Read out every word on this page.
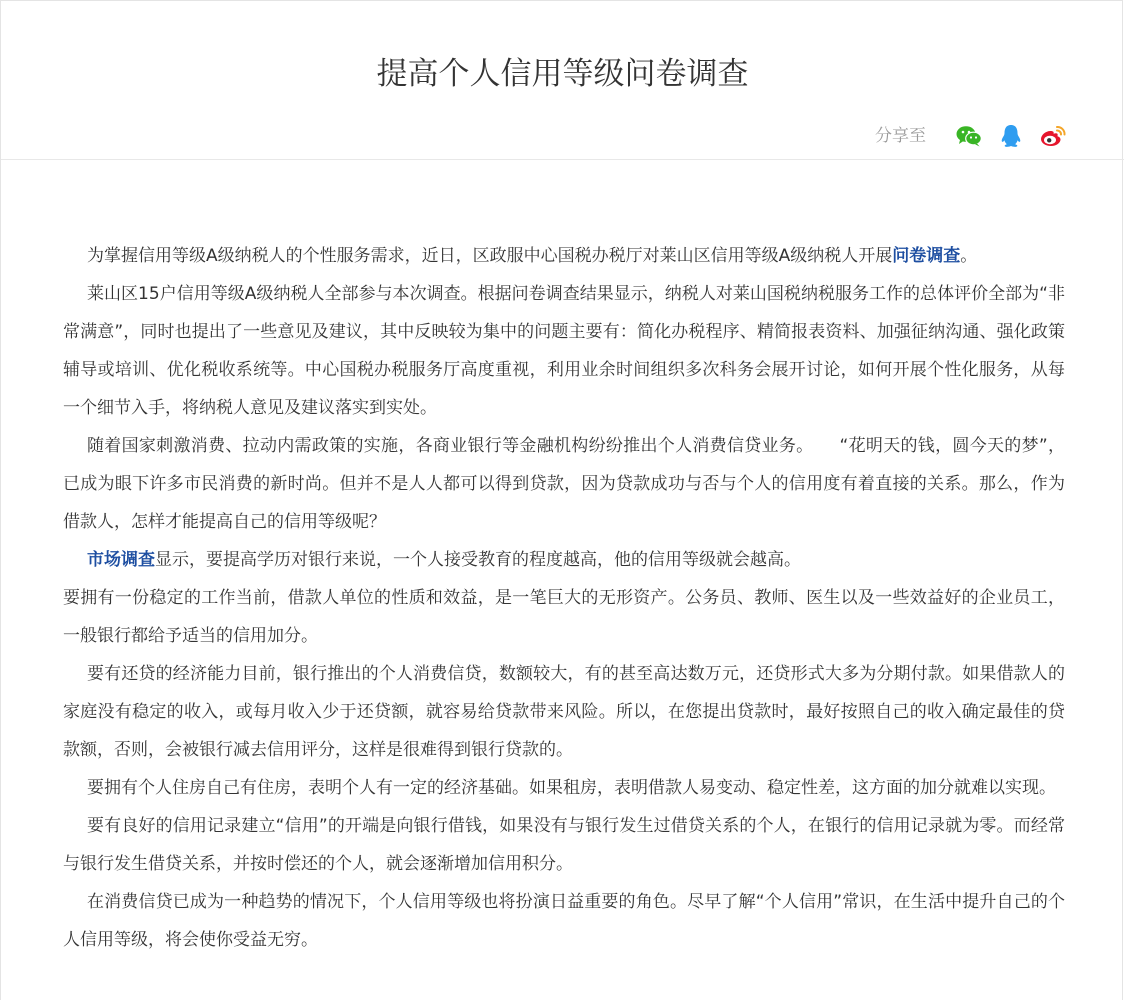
提高个人信用等级问卷调查
分享至

为掌握信用等级A级纳税人的个性服务需求，近日，区政服中心国税办税厅对莱山区信用等级A级纳税人开展问卷调查。

莱山区15户信用等级A级纳税人全部参与本次调查。根据问卷调查结果显示，纳税人对莱山国税纳税服务工作的总体评价全部为“非常满意”，同时也提出了一些意见及建议，其中反映较为集中的问题主要有：简化办税程序、精简报表资料、加强征纳沟通、强化政策辅导或培训、优化税收系统等。中心国税办税服务厅高度重视，利用业余时间组织多次科务会展开讨论，如何开展个性化服务，从每一个细节入手，将纳税人意见及建议落实到实处。

随着国家刺激消费、拉动内需政策的实施，各商业银行等金融机构纷纷推出个人消费信贷业务。　　“花明天的钱，圆今天的梦”，已成为眼下许多市民消费的新时尚。但并不是人人都可以得到贷款，因为贷款成功与否与个人的信用度有着直接的关系。那么，作为借款人，怎样才能提高自己的信用等级呢？

市场调查显示，要提高学历对银行来说，一个人接受教育的程度越高，他的信用等级就会越高。

要拥有一份稳定的工作当前，借款人单位的性质和效益，是一笔巨大的无形资产。公务员、教师、医生以及一些效益好的企业员工，一般银行都给予适当的信用加分。

要有还贷的经济能力目前，银行推出的个人消费信贷，数额较大，有的甚至高达数万元，还贷形式大多为分期付款。如果借款人的家庭没有稳定的收入，或每月收入少于还贷额，就容易给贷款带来风险。所以，在您提出贷款时，最好按照自己的收入确定最佳的贷款额，否则，会被银行减去信用评分，这样是很难得到银行贷款的。

要拥有个人住房自己有住房，表明个人有一定的经济基础。如果租房，表明借款人易变动、稳定性差，这方面的加分就难以实现。

要有良好的信用记录建立“信用”的开端是向银行借钱，如果没有与银行发生过借贷关系的个人，在银行的信用记录就为零。而经常与银行发生借贷关系，并按时偿还的个人，就会逐渐增加信用积分。

在消费信贷已成为一种趋势的情况下，个人信用等级也将扮演日益重要的角色。尽早了解“个人信用”常识，在生活中提升自己的个人信用等级，将会使你受益无穷。
